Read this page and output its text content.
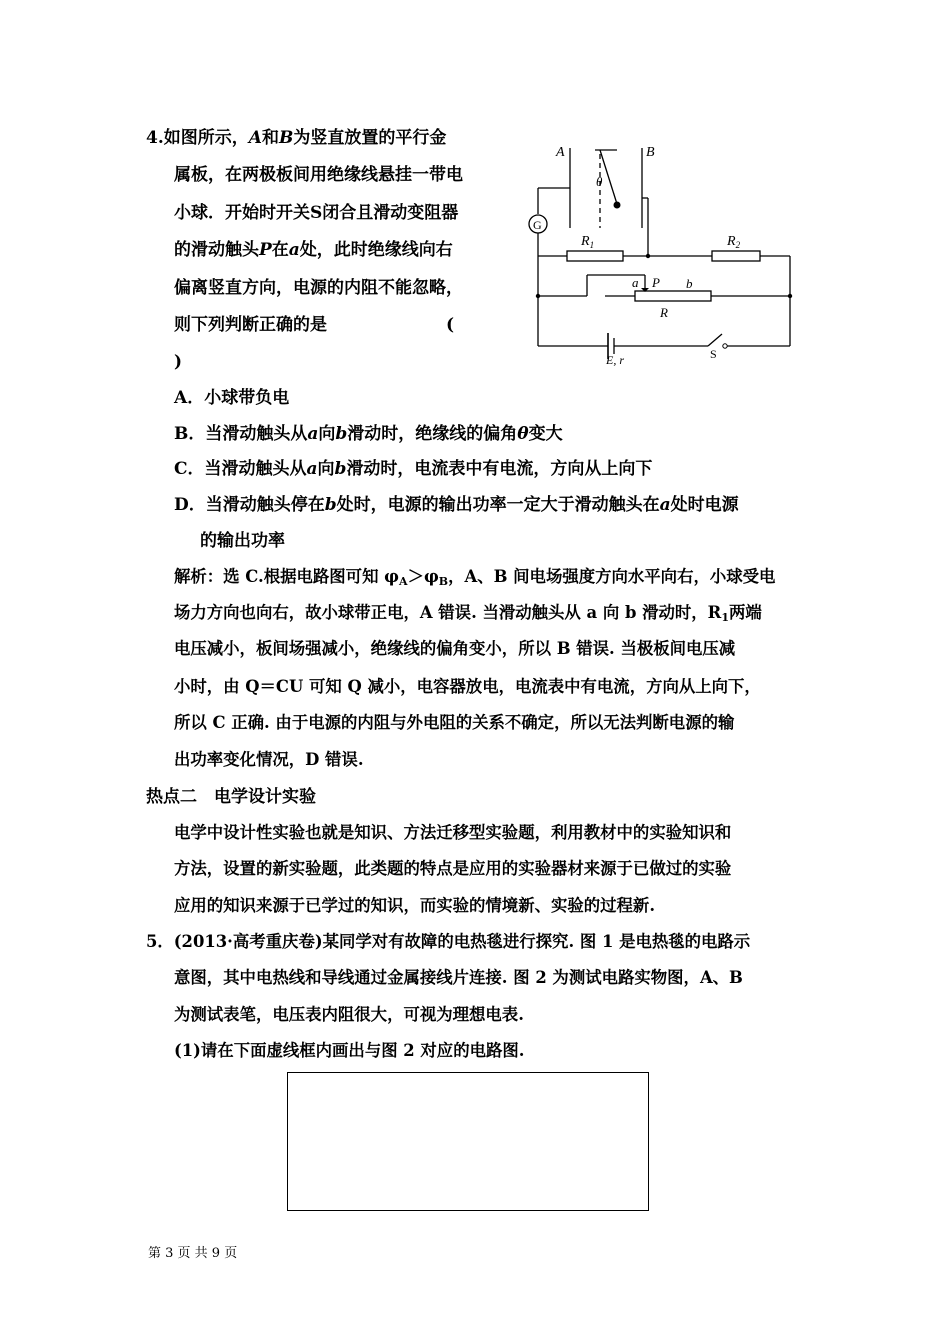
4.如图所示，A和B为竖直放置的平行金
属板，在两极板间用绝缘线悬挂一带电
小球．开始时开关S闭合且滑动变阻器
的滑动触头P在a处，此时绝缘线向右
偏离竖直方向，电源的内阻不能忽略，
则下列判断正确的是	(
)
A	B
θ
G
$R_1$	$R_2$
a P b
R
E, r	S
A．小球带负电
B．当滑动触头从a向b滑动时，绝缘线的偏角θ变大
C．当滑动触头从a向b滑动时，电流表中有电流，方向从上向下
D．当滑动触头停在b处时，电源的输出功率一定大于滑动触头在a处时电源
的输出功率
解析：选 C.根据电路图可知 $\varphi_A>\varphi_B$，A、B 间电场强度方向水平向右，小球受电
场力方向也向右，故小球带正电，A 错误. 当滑动触头从 a 向 b 滑动时，$R_1$两端
电压减小，板间场强减小，绝缘线的偏角变小，所以 B 错误. 当极板间电压减
小时，由 Q＝CU 可知 Q 减小，电容器放电，电流表中有电流，方向从上向下，
所以 C 正确. 由于电源的内阻与外电阻的关系不确定，所以无法判断电源的输
出功率变化情况，D 错误.
热点二　电学设计实验
电学中设计性实验也就是知识、方法迁移型实验题，利用教材中的实验知识和
方法，设置的新实验题，此类题的特点是应用的实验器材来源于已做过的实验
应用的知识来源于已学过的知识，而实验的情境新、实验的过程新.
5．(2013·高考重庆卷)某同学对有故障的电热毯进行探究. 图 1 是电热毯的电路示
意图，其中电热线和导线通过金属接线片连接. 图 2 为测试电路实物图，A、B
为测试表笔，电压表内阻很大，可视为理想电表.
(1)请在下面虚线框内画出与图 2 对应的电路图.
第 3 页 共 9 页
